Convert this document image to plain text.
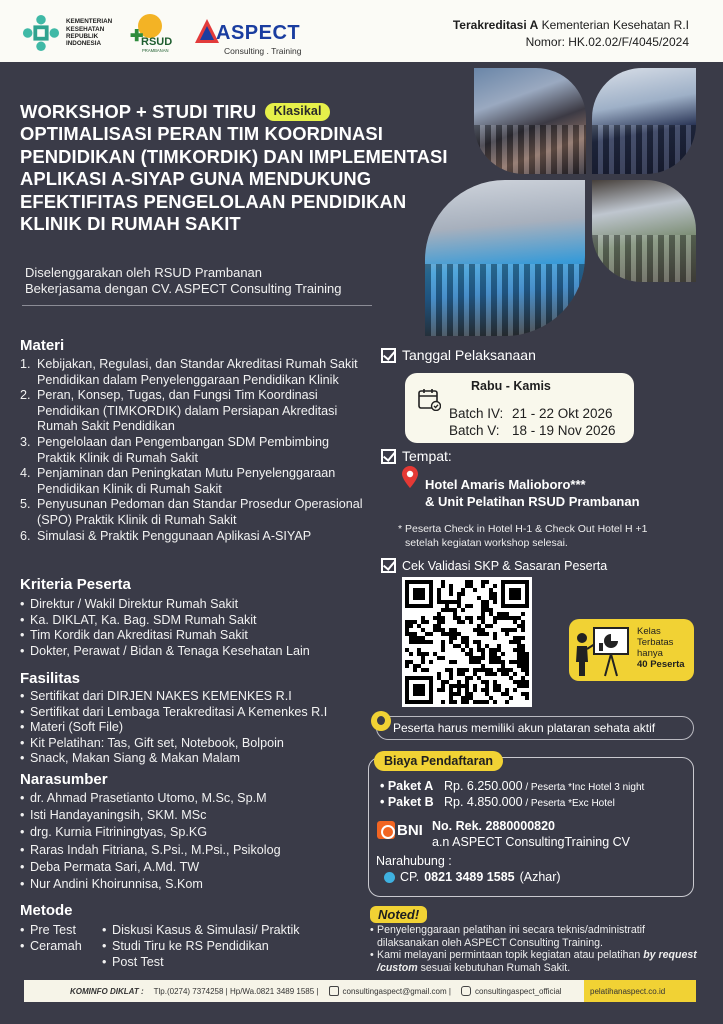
KEMENTERIAN
KESEHATAN
REPUBLIK
INDONESIA	✚
RSUD
PRAMBANAN
ASPECT
Consulting . Training
Terakreditasi A Kementerian Kesehatan R.I
Nomor: HK.02.02/F/4045/2024
WORKSHOP + STUDI TIRU Klasikal
OPTIMALISASI PERAN TIM KOORDINASI PENDIDIKAN (TIMKORDIK) DAN IMPLEMENTASI APLIKASI A-SIYAP GUNA MENDUKUNG EFEKTIFITAS PENGELOLAAN PENDIDIKAN KLINIK DI RUMAH SAKIT
Diselenggarakan oleh RSUD Prambanan
Bekerjasama dengan CV. ASPECT Consulting Training
Materi
1. Kebijakan, Regulasi, dan Standar Akreditasi Rumah Sakit Pendidikan dalam Penyelenggaraan Pendidikan Klinik
2. Peran, Konsep, Tugas, dan Fungsi Tim Koordinasi Pendidikan (TIMKORDIK) dalam Persiapan Akreditasi Rumah Sakit Pendidikan
3. Pengelolaan dan Pengembangan SDM Pembimbing Praktik Klinik di Rumah Sakit
4. Penjaminan dan Peningkatan Mutu Penyelenggaraan Pendidikan Klinik di Rumah Sakit
5. Penyusunan Pedoman dan Standar Prosedur Operasional (SPO) Praktik Klinik di Rumah Sakit
6. Simulasi & Praktik Penggunaan Aplikasi A-SIYAP
Kriteria Peserta
• Direktur / Wakil Direktur Rumah Sakit
• Ka. DIKLAT, Ka. Bag. SDM Rumah Sakit
• Tim Kordik dan Akreditasi Rumah Sakit
• Dokter, Perawat / Bidan & Tenaga Kesehatan Lain
Fasilitas
• Sertifikat dari DIRJEN NAKES KEMENKES R.I
• Sertifikat dari Lembaga Terakreditasi A Kemenkes R.I
• Materi (Soft File)
• Kit Pelatihan: Tas, Gift set, Notebook, Bolpoin
• Snack, Makan Siang & Makan Malam
Narasumber
• dr. Ahmad Prasetianto Utomo, M.Sc, Sp.M
• Isti Handayaningsih, SKM. MSc
• drg. Kurnia Fitriningtyas, Sp.KG
• Raras Indah Fitriana, S.Psi., M.Psi., Psikolog
• Deba Permata Sari, A.Md. TW
• Nur Andini Khoirunnisa, S.Kom
Metode
• Pre Test
• Ceramah
• Diskusi Kasus & Simulasi/ Praktik
• Studi Tiru ke RS Pendidikan
• Post Test
Tanggal Pelaksanaan
Rabu - Kamis
Batch IV: 21 - 22 Okt 2026
Batch V: 18 - 19 Nov 2026
Tempat:
Hotel Amaris Malioboro***
& Unit Pelatihan RSUD Prambanan
* Peserta Check in Hotel H-1 & Check Out Hotel H +1
setelah kegiatan workshop selesai.
Cek Validasi SKP & Sasaran Peserta
Kelas
Terbatas
hanya
40 Peserta
Peserta harus memiliki akun plataran sehata aktif
Biaya Pendaftaran
• Paket A Rp. 6.250.000 / Peserta *Inc Hotel 3 night
• Paket B Rp. 4.850.000 / Peserta *Exc Hotel
BNI No. Rek. 2880000820
a.n ASPECT ConsultingTraining CV
Narahubung :
CP. 0821 3489 1585 (Azhar)
Noted!
• Penyelenggaraan pelatihan ini secara teknis/administratif dilaksanakan oleh ASPECT Consulting Training.
• Kami melayani permintaan topik kegiatan atau pelatihan by request /custom sesuai kebutuhan Rumah Sakit.
KOMINFO DIKLAT :	Tlp.(0274) 7374258 | Hp/Wa.0821 3489 1585 |	consultingaspect@gmail.com |	consultingaspect_official	pelatihanaspect.co.id
